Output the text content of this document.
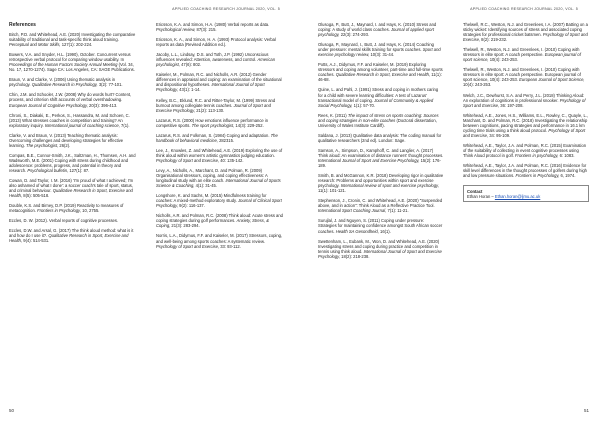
APPLIED COACHING RESEARCH JOURNAL 2020, VOL. 5
References

Birch, P.D. and Whitehead, A.E. (2020) Investigating the comparative suitability of traditional and task-specific think aloud training. Perceptual and Motor Skills, 127(1): 202-224.

Bowers, V.A. and Snyder, H.L. (1990), October. Concurrent versus retrospective verbal protocol for comparing window usability. In Proceedings of the Human Factors Society Annual Meeting (Vol. 34, No. 17, 1270-1274). Sage CA: Los Angeles, CA: SAGE Publications.

Braun, V. and Clarke, V. (2006) Using thematic analysis in psychology. Qualitative Research in Psychology, 3(2): 77-101.

Chin, J.M. and Schooler, J.W. (2008) Why do words hurt? Content, process, and criterion shift accounts of verbal overshadowing. European Journal of Cognitive Psychology, 20(3): 396-413.

Chroni, S., Diakaki, E., Perkos, S., Hassandra, M. and Schoen, C. (2013) What stresses coaches in competition and training? An exploratory inquiry. International journal of coaching science, 7(1).

Clarke, V. and Braun, V. (2013) Teaching thematic analysis: Overcoming challenges and developing strategies for effective learning. The psychologist, 26(2).

Compas, B.E., Connor-Smith, J.K., Saltzman, H., Thomsen, A.H. and Wadsworth, M.E. (2001) Coping with stress during childhood and adolescence: problems, progress, and potential in theory and research. Psychological bulletin, 127(1): 87.

Cowan, D. and Taylor, I. M. (2016) 'I'm proud of what I achieved; I'm also ashamed of what I done': a soccer coach's tale of sport, status, and criminal behaviour. Qualitative Research in Sport, Exercise and Health, 8(5): 505-518.

Double, K.S. and Birney, D.P. (2019) Reactivity to measures of metacognition. Frontiers in Psychology, 10, 2755.

Eccles, D. W. (2012). Verbal reports of cognitive processes.

Eccles, D.W. and Arsal, G. (2017) The think aloud method: what is it and how do I use it?. Qualitative Research in Sport, Exercise and Health, 9(4): 514-531.

Ericsson, K.A. and Simon, H.A. (1980) Verbal reports as data. Psychological review, 87(3): 215.

Ericsson, K. A., and Simon, H. A. (1993) Protocol analysis: Verbal reports as data (Revised Addition ed.).

Jacoby, L.L., Lindsay, D.S. and Toth, J.P. (1992) Unconscious influences revealed: Attention, awareness, and control. American psychologist, 47(6): 802.

Kaiseler, M., Polman, R.C. and Nicholls, A.R. (2012) Gender differences in appraisal and coping: an examination of the situational and dispositional hypotheses. International Journal of Sport Psychology, 43(1): 1-14.

Kelley, B.C., Eklund, R.C. and Ritter-Taylor, M. (1999) Stress and burnout among collegiate tennis coaches. Journal of Sport and Exercise Psychology, 21(2): 113-130.

Lazarus, R.S. (2000) How emotions influence performance in competitive sports. The sport psychologist, 14(3): 229-252.

Lazarus, R.S. and Folkman, S. (1984) Coping and adaptation. The handbook of behavioral medicine, 282315.

Lee, J., Knowles, Z. and Whitehead, A.E. (2019) Exploring the use of think aloud within women's artistic gymnastics judging education. Psychology of Sport and Exercise, 40: 135-142.

Levy, A., Nicholls, A., Marchant, D. and Polman, R. (2009) Organisational stressors, coping, and coping effectiveness: A longitudinal study with an elite coach. International Journal of Sports Science & Coaching, 4(1): 31-45.

Longshore, K. and Sachs, M. (2015) Mindfulness training for coaches: A mixed-method exploratory study. Journal of Clinical Sport Psychology, 9(2): 116-137.

Nicholls, A.R. and Polman, R.C. (2008) Think aloud: Acute stress and coping strategies during golf performances. Anxiety, Stress, & Coping, 21(3): 283-294.

Norris, L.A., Didymus, F.F. and Kaiseler, M. (2017) Stressors, coping, and well-being among sports coaches: A systematic review. Psychology of Sport and Exercise, 33: 93-112.

50
APPLIED COACHING RESEARCH JOURNAL 2020, VOL. 5

Olusoga, P., Butt, J., Maynard, I. and Hays, K. (2010) Stress and coping: A study of world class coaches. Journal of applied sport psychology, 22(3): 274-293.

Olusoga, P., Maynard, I., Butt, J. and Hays, K. (2014) Coaching under pressure: mental skills training for sports coaches. Sport and exercise psychology review, 10(3): 31-44.

Potts, A.J., Didymus, F.F. and Kaiseler, M. (2019) Exploring stressors and coping among volunteer, part-time and full-time sports coaches. Qualitative Research in Sport, Exercise and Health, 11(1): 46-68.

Quine, L. and Pahl, J. (1991) Stress and coping in mothers caring for a child with severe learning difficulties: A test of Lazarus' transactional model of coping. Journal of Community & Applied Social Psychology, 1(1): 57-70.

Rees, K. (2011) The impact of stress on sports coaching: Sources and coping strategies in non-elite coaches (Doctoral dissertation, University of Wales Institute Cardiff).

Saldana, J. (2013) Qualitative data analysis: The coding manual for qualitative researchers (2nd ed). London: Sage.

Samson, A., Simpson, D., Kamphoff, C. and Langlier, A. (2017) Think aloud: An examination of distance runners' thought processes. International Journal of Sport and Exercise Psychology, 15(2): 176-189.

Smith, B. and McGannon, K.R. (2018) Developing rigor in qualitative research: Problems and opportunities within sport and exercise psychology. International review of sport and exercise psychology, 11(1): 101-121.

Stephenson, J., Cronin, C. and Whitehead, A.E. (2020) "Suspended above, and in action": Think Aloud as a Reflective Practice Tool. International Sport Coaching Journal, 7(1): 11-21.

Surujlal, J. and Nguyen, S. (2011) Coping under pressure: Strategies for maintaining confidence amongst South African soccer coaches. Health SA Gesondheid, 16(1).

Swettenham, L., Eubank, M., Won, D. and Whitehead, A.E. (2020) Investigating stress and coping during practice and competition in tennis using think aloud. International Journal of Sport and Exercise Psychology, 18(2): 218-238.

Thelwell, R.C., Weston, N.J. and Greenlees, I.A. (2007) Batting on a sticky wicket: Identifying sources of stress and associated coping strategies for professional cricket batsmen. Psychology of Sport and Exercise, 8(2): 219-232.

Thelwell, R., Weston, N.J. and Greenlees, I. (2010) Coping with stressors in elite sport: A coach perspective. European journal of sport science, 10(4): 243-253.

Thelwell, R., Weston, N.J. and Greenlees, I. (2010) Coping with stressors in elite sport: A coach perspective. European journal of sport science, 10(4): 243-253. European Journal of Sport Science, 10(4): 243-253.

Welch, J.C., Dewhurst, S.A. and Perry, J.L. (2018) Thinking Aloud: An exploration of cognitions in professional snooker. Psychology of Sport and Exercise, 36: 197-208.

Whitehead, A.E., Jones, H.S., Williams, E.L., Rowley, C., Quayle, L., Marchant, D. and Polman, R.C. (2018) Investigating the relationship between cognitions, pacing strategies and performance in 16.1 km cycling time trials using a think aloud protocol. Psychology of Sport and Exercise, 34: 95-109.

Whitehead, A.E., Taylor, J.A. and Polman, R.C. (2015) Examination of the suitability of collecting in event cognitive processes using Think Aloud protocol in golf. Frontiers in psychology, 6: 1083.

Whitehead, A.E., Taylor, J.A. and Polman, R.C. (2016) Evidence for skill level differences in the thought processes of golfers during high and low pressure situations. Frontiers in Psychology, 6, 1974.

Contact
Ethan Horan – Ethan.horan@ljmu.ac.uk
51
